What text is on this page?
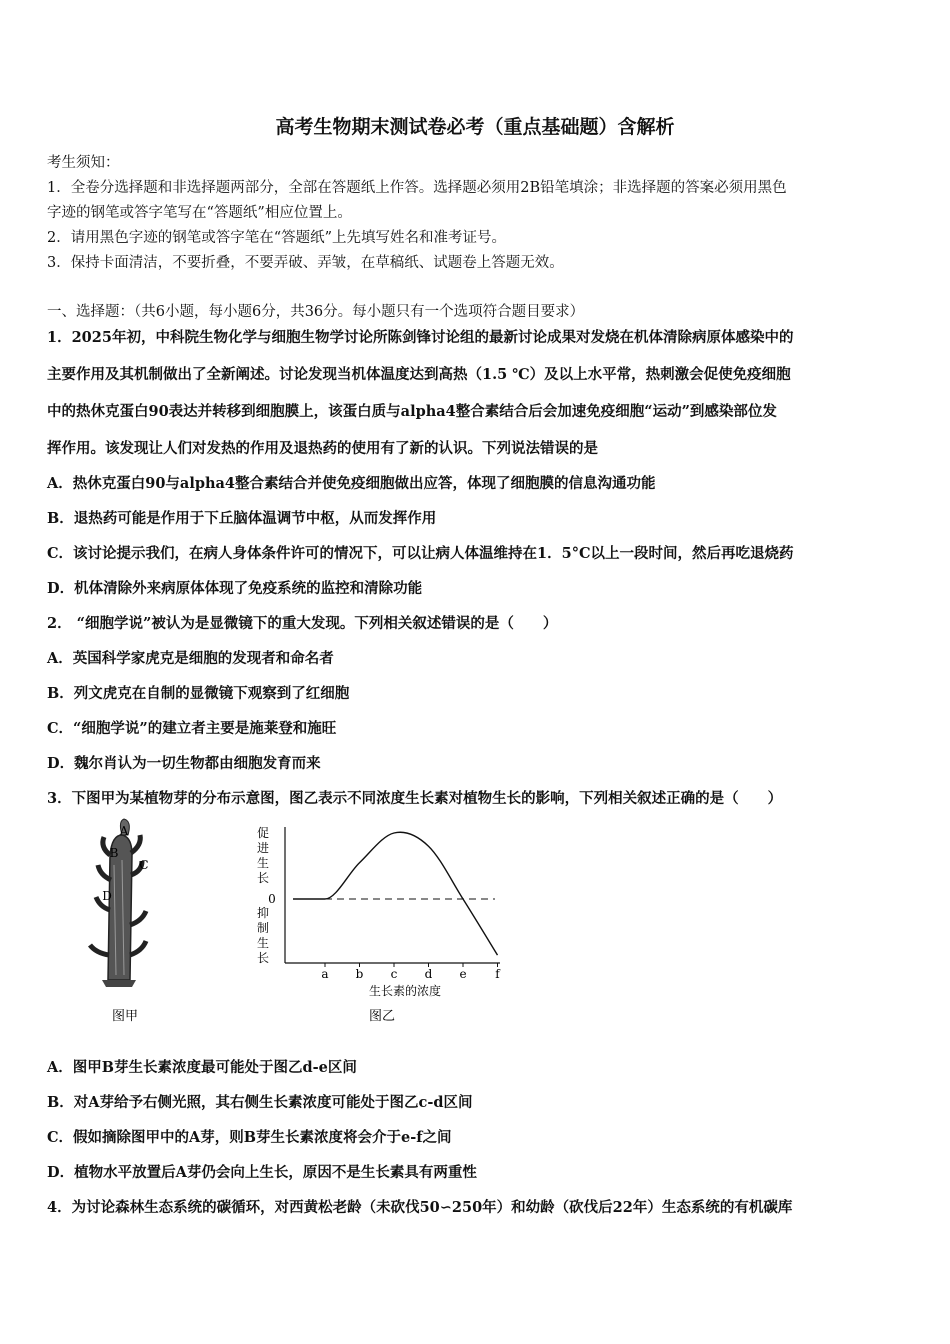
高考生物期末测试卷必考（重点基础题）含解析
考生须知：
1．全卷分选择题和非选择题两部分，全部在答题纸上作答。选择题必须用2B铅笔填涂；非选择题的答案必须用黑色
字迹的钢笔或答字笔写在“答题纸”相应位置上。
2．请用黑色字迹的钢笔或答字笔在“答题纸”上先填写姓名和准考证号。
3．保持卡面清洁，不要折叠，不要弄破、弄皱，在草稿纸、试题卷上答题无效。
一、选择题：（共6小题，每小题6分，共36分。每小题只有一个选项符合题目要求）
1．2025年初，中科院生物化学与细胞生物学讨论所陈剑锋讨论组的最新讨论成果对发烧在机体清除病原体感染中的
主要作用及其机制做出了全新阐述。讨论发现当机体温度达到高热（1.5 ℃）及以上水平常，热刺激会促使免疫细胞
中的热休克蛋白90表达并转移到细胞膜上，该蛋白质与alpha4整合素结合后会加速免疫细胞“运动”到感染部位发
挥作用。该发现让人们对发热的作用及退热药的使用有了新的认识。下列说法错误的是
A．热休克蛋白90与alpha4整合素结合并使免疫细胞做出应答，体现了细胞膜的信息沟通功能
B．退热药可能是作用于下丘脑体温调节中枢，从而发挥作用
C．该讨论提示我们，在病人身体条件许可的情况下，可以让病人体温维持在1．5°C以上一段时间，然后再吃退烧药
D．机体清除外来病原体体现了免疫系统的监控和清除功能
2． “细胞学说”被认为是显微镜下的重大发现。下列相关叙述错误的是（　　）
A．英国科学家虎克是细胞的发现者和命名者
B．列文虎克在自制的显微镜下观察到了红细胞
C．“细胞学说”的建立者主要是施莱登和施旺
D．魏尔肖认为一切生物都由细胞发育而来
3．下图甲为某植物芽的分布示意图，图乙表示不同浓度生长素对植物生长的影响，下列相关叙述正确的是（　　）
A
B
C
D
图甲
促进生长
0
抑制生长
a b c d e f
生长素的浓度
图乙
A．图甲B芽生长素浓度最可能处于图乙d-e区间
B．对A芽给予右侧光照，其右侧生长素浓度可能处于图乙c-d区间
C．假如摘除图甲中的A芽，则B芽生长素浓度将会介于e-f之间
D．植物水平放置后A芽仍会向上生长，原因不是生长素具有两重性
4．为讨论森林生态系统的碳循环，对西黄松老龄（未砍伐50∽250年）和幼龄（砍伐后22年）生态系统的有机碳库
